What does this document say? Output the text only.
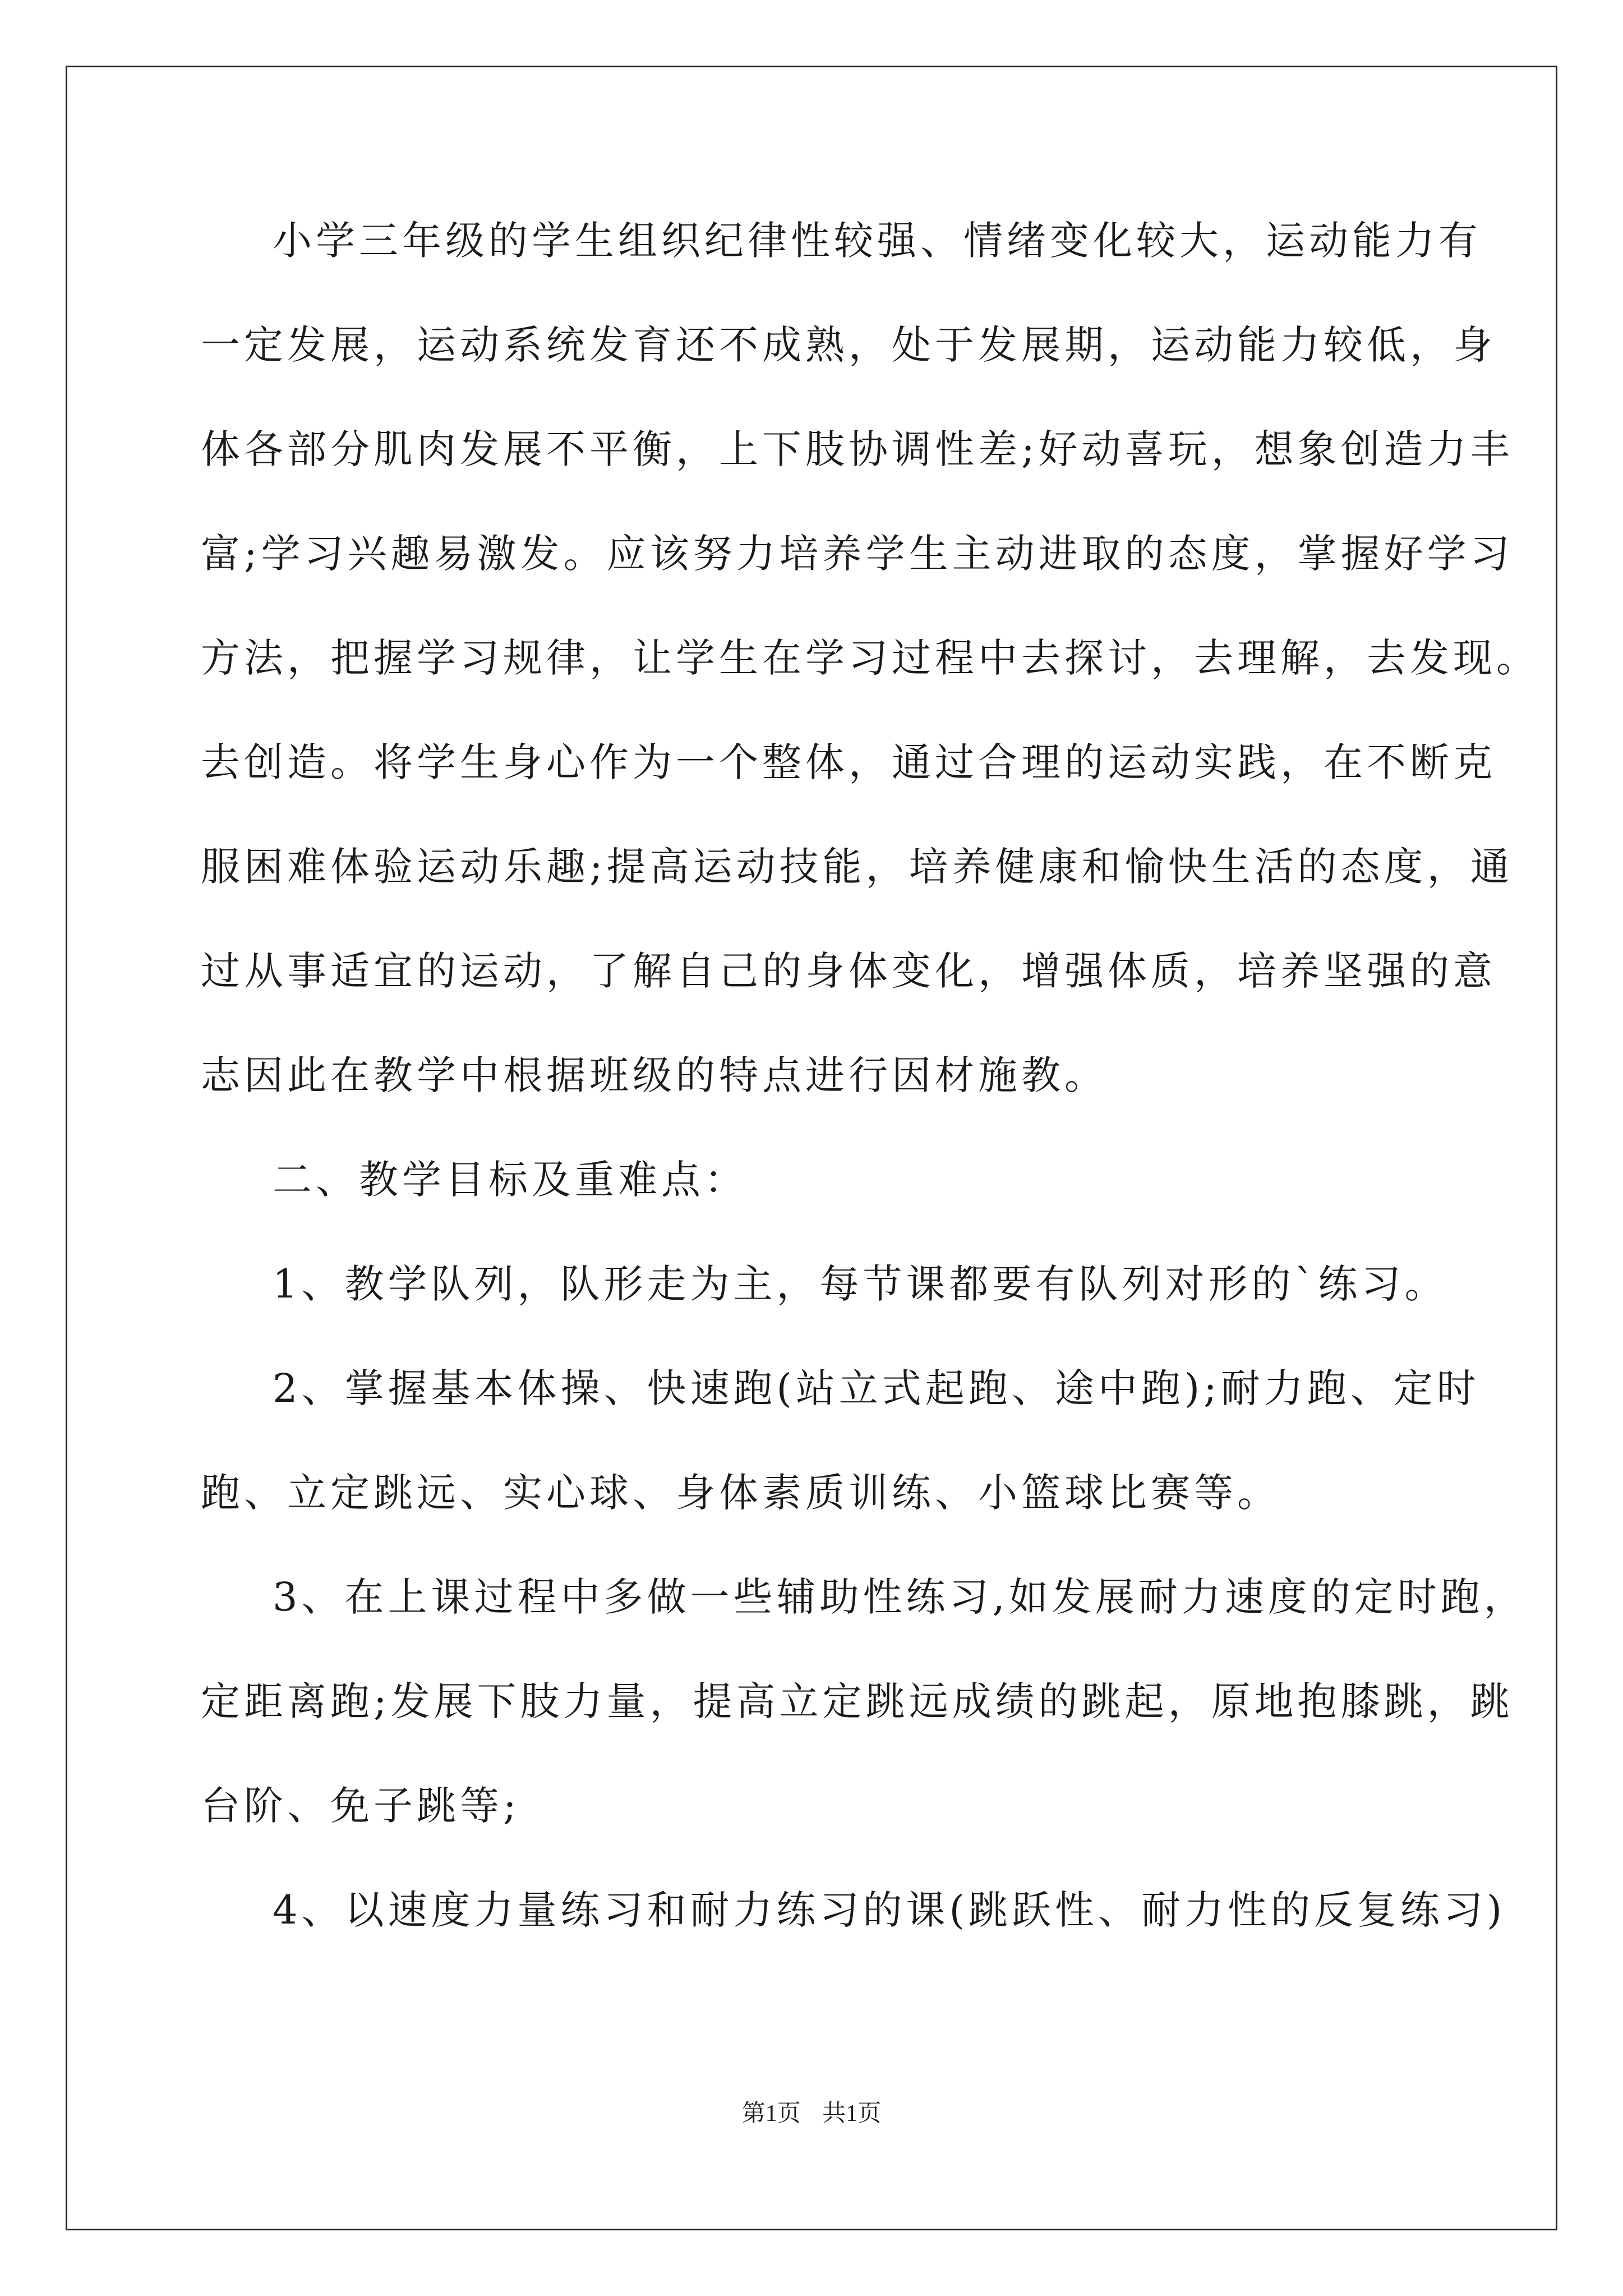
小学三年级的学生组织纪律性较强、情绪变化较大，运动能力有
一定发展，运动系统发育还不成熟，处于发展期，运动能力较低，身
体各部分肌肉发展不平衡，上下肢协调性差;好动喜玩，想象创造力丰
富;学习兴趣易激发。应该努力培养学生主动进取的态度，掌握好学习
方法，把握学习规律，让学生在学习过程中去探讨，去理解，去发现。
去创造。将学生身心作为一个整体，通过合理的运动实践，在不断克
服困难体验运动乐趣;提高运动技能，培养健康和愉快生活的态度，通
过从事适宜的运动，了解自己的身体变化，增强体质，培养坚强的意
志因此在教学中根据班级的特点进行因材施教。
二、教学目标及重难点：
1、教学队列，队形走为主，每节课都要有队列对形的`练习。
2、掌握基本体操、快速跑(站立式起跑、途中跑);耐力跑、定时
跑、立定跳远、实心球、身体素质训练、小篮球比赛等。
3、在上课过程中多做一些辅助性练习,如发展耐力速度的定时跑，
定距离跑;发展下肢力量，提高立定跳远成绩的跳起，原地抱膝跳，跳
台阶、免子跳等;
4、以速度力量练习和耐力练习的课(跳跃性、耐力性的反复练习)
第1页 共1页
